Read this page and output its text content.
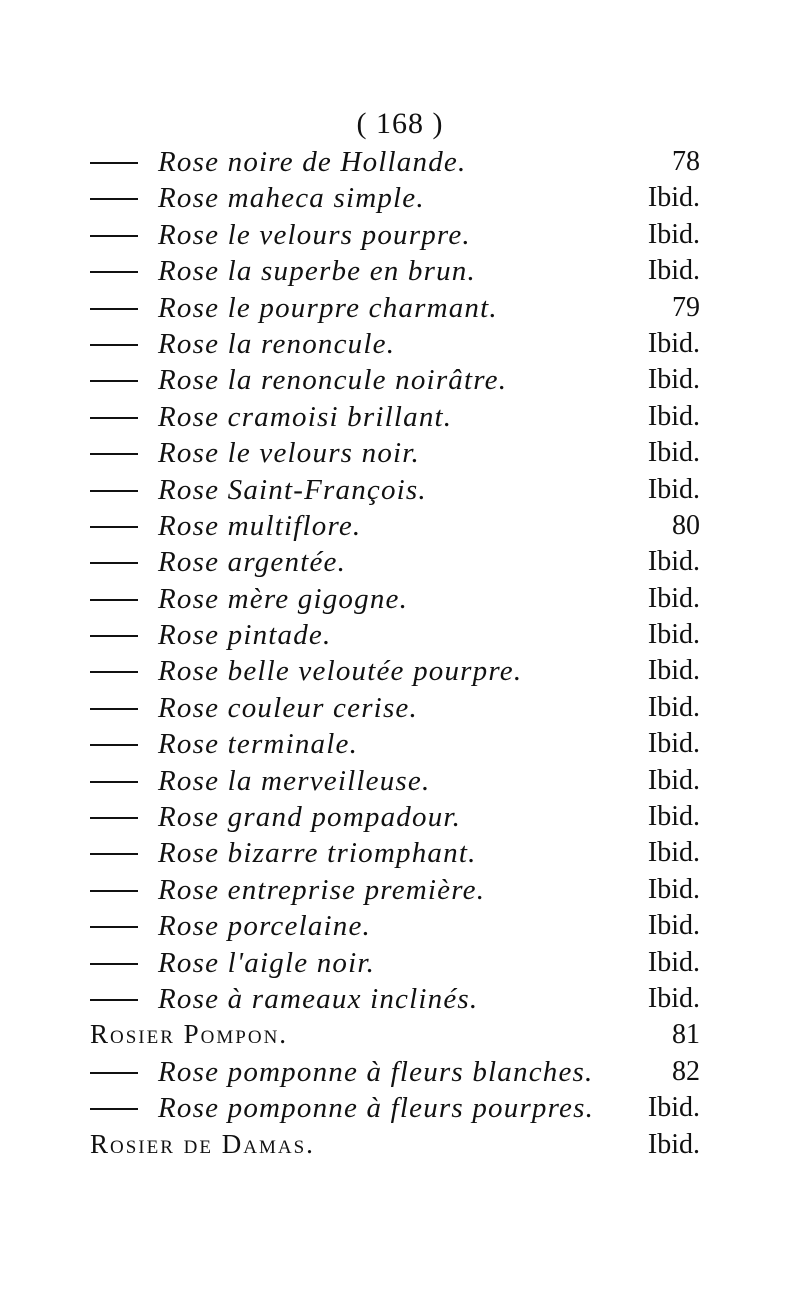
( 168 )
Rose noire de Hollande.	78
Rose maheca simple.	Ibid.
Rose le velours pourpre.	Ibid.
Rose la superbe en brun.	Ibid.
Rose le pourpre charmant.	79
Rose la renoncule.	Ibid.
Rose la renoncule noirâtre.	Ibid.
Rose cramoisi brillant.	Ibid.
Rose le velours noir.	Ibid.
Rose Saint-François.	Ibid.
Rose multiflore.	80
Rose argentée.	Ibid.
Rose mère gigogne.	Ibid.
Rose pintade.	Ibid.
Rose belle veloutée pourpre.	Ibid.
Rose couleur cerise.	Ibid.
Rose terminale.	Ibid.
Rose la merveilleuse.	Ibid.
Rose grand pompadour.	Ibid.
Rose bizarre triomphant.	Ibid.
Rose entreprise première.	Ibid.
Rose porcelaine.	Ibid.
Rose l'aigle noir.	Ibid.
Rose à rameaux inclinés.	Ibid.
Rosier Pompon.	81
Rose pomponne à fleurs blanches.	82
Rose pomponne à fleurs pourpres. Ibid.
Rosier de Damas.	Ibid.
